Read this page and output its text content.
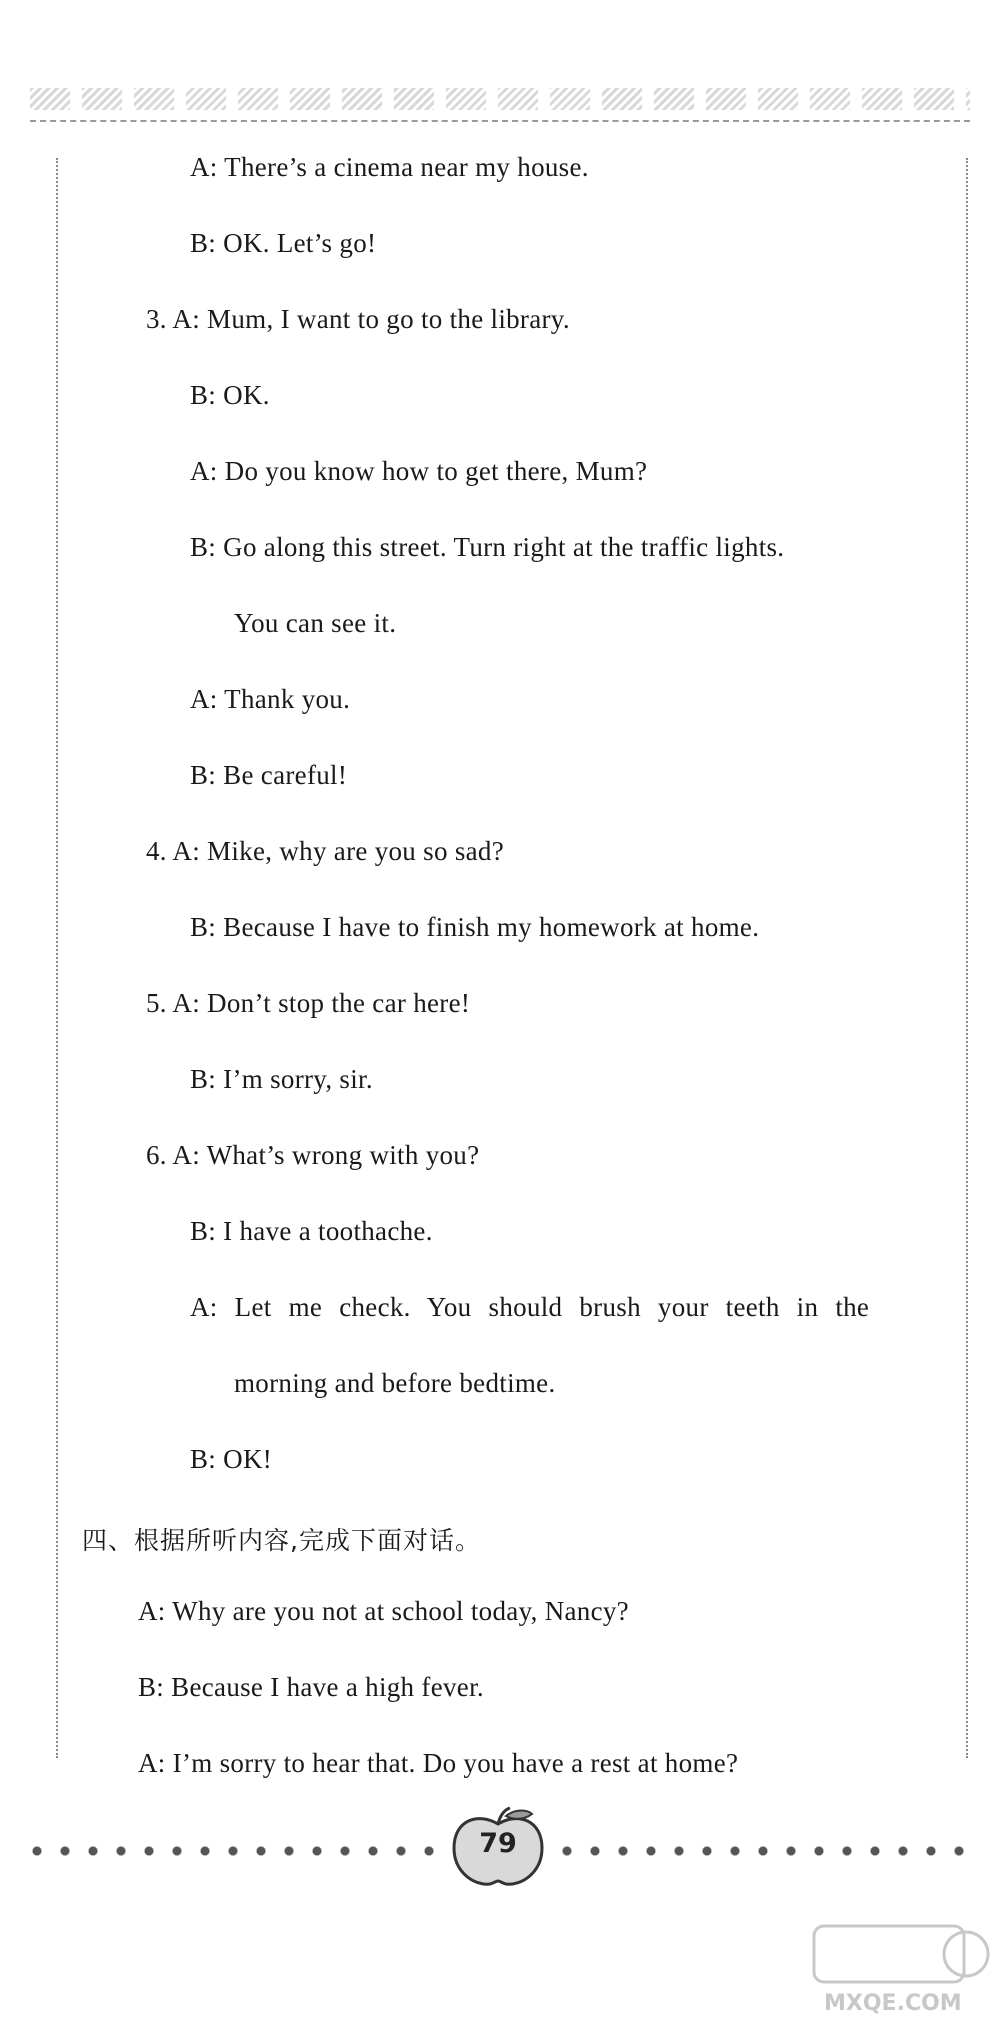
A: There’s a cinema near my house.
B: OK. Let’s go!
3. A: Mum, I want to go to the library.
B: OK.
A: Do you know how to get there, Mum?
B: Go along this street. Turn right at the traffic lights.
You can see it.
A: Thank you.
B: Be careful!
4. A: Mike, why are you so sad?
B: Because I have to finish my homework at home.
5. A: Don’t stop the car here!
B: I’m sorry, sir.
6. A: What’s wrong with you?
B: I have a toothache.
A: Let me check. You should brush your teeth in the
morning and before bedtime.
B: OK!
四、根据所听内容,完成下面对话。
A: Why are you not at school today, Nancy?
B: Because I have a high fever.
A: I’m sorry to hear that. Do you have a rest at home?
79
MXQE.COM
